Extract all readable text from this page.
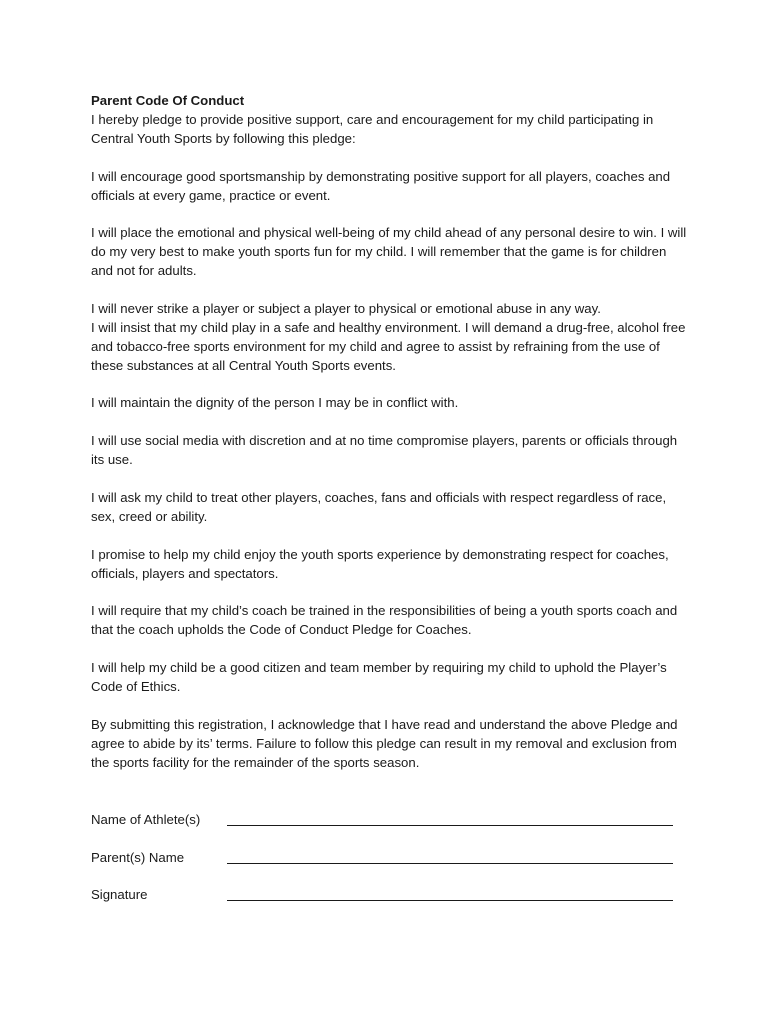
Parent Code Of Conduct

I hereby pledge to provide positive support, care and encouragement for my child participating in Central Youth Sports by following this pledge:

I will encourage good sportsmanship by demonstrating positive support for all players, coaches and officials at every game, practice or event.

I will place the emotional and physical well-being of my child ahead of any personal desire to win. I will do my very best to make youth sports fun for my child. I will remember that the game is for children and not for adults.

I will never strike a player or subject a player to physical or emotional abuse in any way.
I will insist that my child play in a safe and healthy environment. I will demand a drug-free, alcohol free and tobacco-free sports environment for my child and agree to assist by refraining from the use of these substances at all Central Youth Sports events.

I will maintain the dignity of the person I may be in conflict with.

I will use social media with discretion and at no time compromise players, parents or officials through its use.

I will ask my child to treat other players, coaches, fans and officials with respect regardless of race, sex, creed or ability.

I promise to help my child enjoy the youth sports experience by demonstrating respect for coaches, officials, players and spectators.

I will require that my child’s coach be trained in the responsibilities of being a youth sports coach and that the coach upholds the Code of Conduct Pledge for Coaches.

I will help my child be a good citizen and team member by requiring my child to uphold the Player’s Code of Ethics.

By submitting this registration, I acknowledge that I have read and understand the above Pledge and agree to abide by its’ terms. Failure to follow this pledge can result in my removal and exclusion from the sports facility for the remainder of the sports season.

Name of Athlete(s)
Parent(s) Name
Signature
